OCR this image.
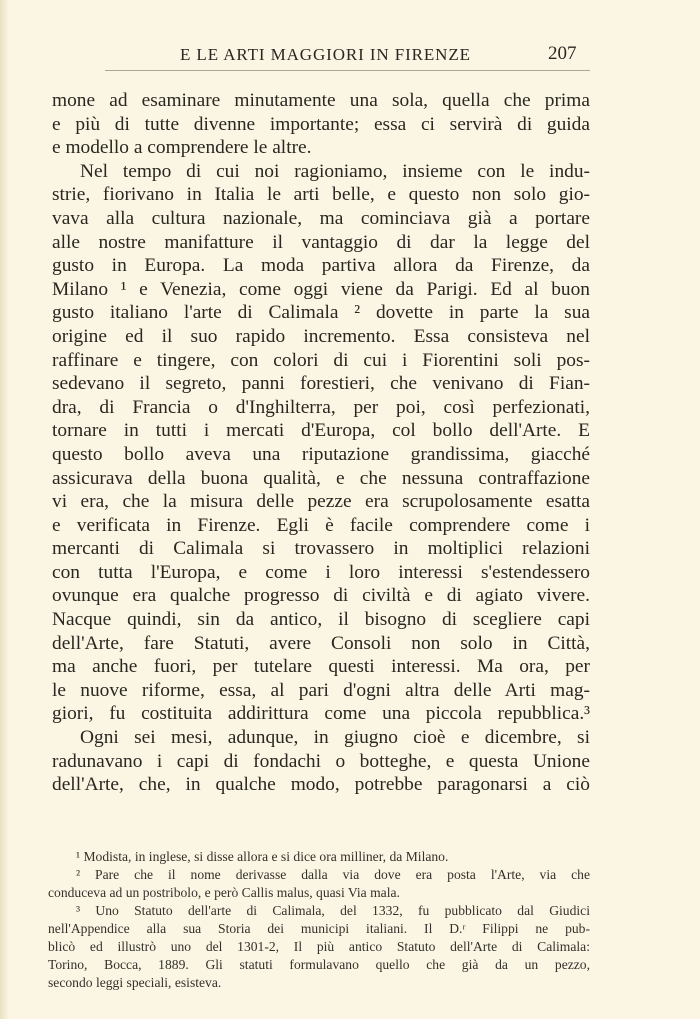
E LE ARTI MAGGIORI IN FIRENZE	207
mone ad esaminare minutamente una sola, quella che prima
e più di tutte divenne importante; essa ci servirà di guida
e modello a comprendere le altre.
Nel tempo di cui noi ragioniamo, insieme con le indu-
strie, fiorivano in Italia le arti belle, e questo non solo gio-
vava alla cultura nazionale, ma cominciava già a portare
alle nostre manifatture il vantaggio di dar la legge del
gusto in Europa. La moda partiva allora da Firenze, da
Milano ¹ e Venezia, come oggi viene da Parigi. Ed al buon
gusto italiano l'arte di Calimala ² dovette in parte la sua
origine ed il suo rapido incremento. Essa consisteva nel
raffinare e tingere, con colori di cui i Fiorentini soli pos-
sedevano il segreto, panni forestieri, che venivano di Fian-
dra, di Francia o d'Inghilterra, per poi, così perfezionati,
tornare in tutti i mercati d'Europa, col bollo dell'Arte. E
questo bollo aveva una riputazione grandissima, giacché
assicurava della buona qualità, e che nessuna contraffazione
vi era, che la misura delle pezze era scrupolosamente esatta
e verificata in Firenze. Egli è facile comprendere come i
mercanti di Calimala si trovassero in moltiplici relazioni
con tutta l'Europa, e come i loro interessi s'estendessero
ovunque era qualche progresso di civiltà e di agiato vivere.
Nacque quindi, sin da antico, il bisogno di scegliere capi
dell'Arte, fare Statuti, avere Consoli non solo in Città,
ma anche fuori, per tutelare questi interessi. Ma ora, per
le nuove riforme, essa, al pari d'ogni altra delle Arti mag-
giori, fu costituita addirittura come una piccola repubblica.³
Ogni sei mesi, adunque, in giugno cioè e dicembre, si
radunavano i capi di fondachi o botteghe, e questa Unione
dell'Arte, che, in qualche modo, potrebbe paragonarsi a ciò
¹ Modista, in inglese, si disse allora e si dice ora milliner, da Milano.
² Pare che il nome derivasse dalla via dove era posta l'Arte, via che
conduceva ad un postribolo, e però Callis malus, quasi Via mala.
³ Uno Statuto dell'arte di Calimala, del 1332, fu pubblicato dal Giudici
nell'Appendice alla sua Storia dei municipi italiani. Il D.ʳ Filippi ne pub-
blicò ed illustrò uno del 1301-2, Il più antico Statuto dell'Arte di Calimala:
Torino, Bocca, 1889. Gli statuti formulavano quello che già da un pezzo,
secondo leggi speciali, esisteva.
